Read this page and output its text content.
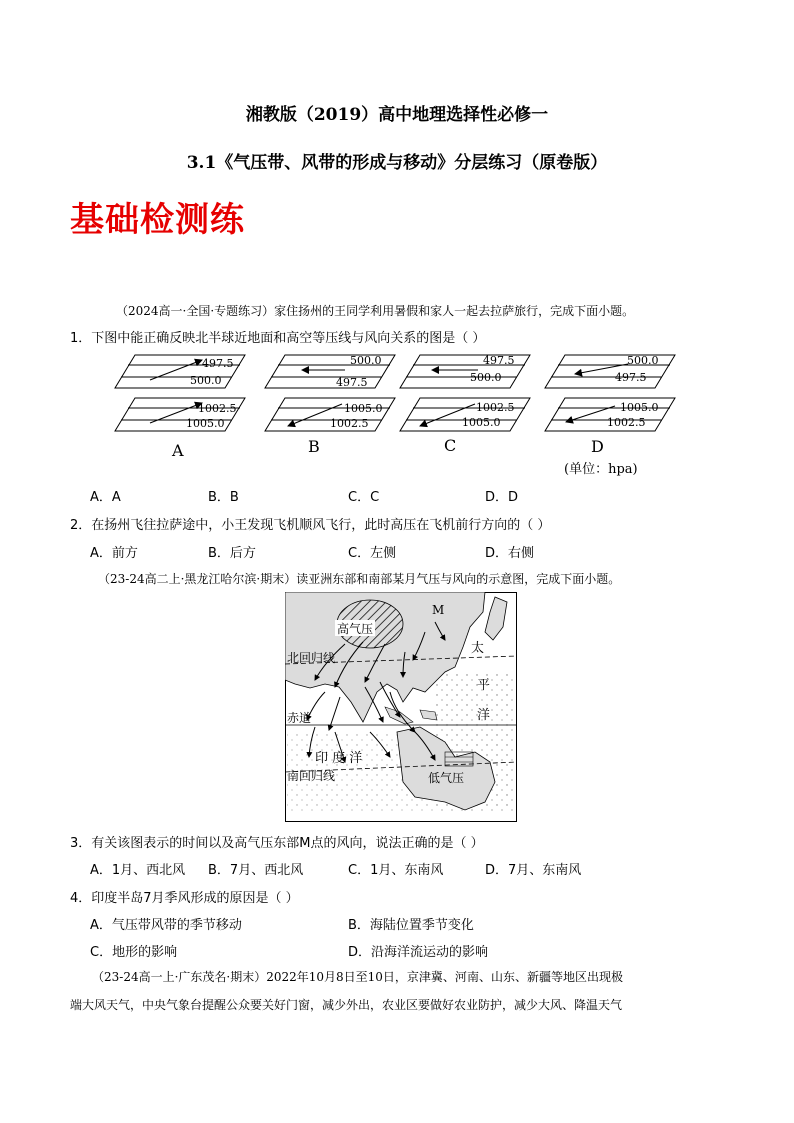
湘教版（2019）高中地理选择性必修一
3.1《气压带、风带的形成与移动》分层练习（原卷版）
基础检测练
（2024高一·全国·专题练习）家住扬州的王同学利用暑假和家人一起去拉萨旅行，完成下面小题。
1．下图中能正确反映北半球近地面和高空等压线与风向关系的图是（ ）
497.5
500.0
1002.5
1005.0
500.0
497.5
1005.0
1002.5
497.5
500.0
1002.5
1005.0
500.0
497.5
1005.0
1002.5
A	B	C	D
(单位：hpa)
A．A	B．B	C．C	D．D
2．在扬州飞往拉萨途中，小王发现飞机顺风飞行，此时高压在飞机前行方向的（ ）
A．前方	B．后方	C．左侧	D．右侧
（23-24高二上·黑龙江哈尔滨·期末）读亚洲东部和南部某月气压与风向的示意图，完成下面小题。
高气压
M
北回归线
赤道
南回归线
印 度 洋
太
平
洋
低气压
3．有关该图表示的时间以及高气压东部M点的风向，说法正确的是（ ）
A．1月、西北风 B．7月、西北风	C．1月、东南风	D．7月、东南风
4．印度半岛7月季风形成的原因是（ ）
A．气压带风带的季节移动	B．海陆位置季节变化
C．地形的影响	D．沿海洋流运动的影响
（23-24高一上·广东茂名·期末）2022年10月8日至10日，京津冀、河南、山东、新疆等地区出现极
端大风天气，中央气象台提醒公众要关好门窗，减少外出，农业区要做好农业防护，减少大风、降温天气
